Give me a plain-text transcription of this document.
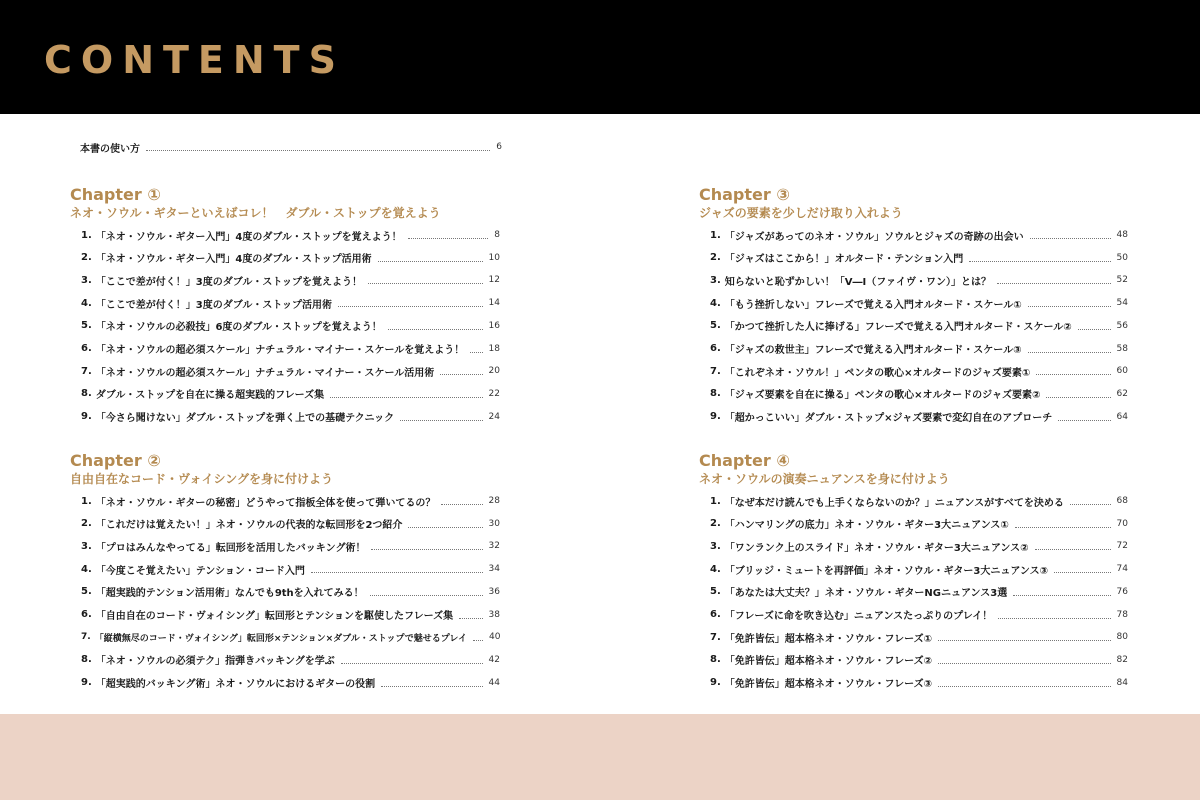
CONTENTS
本書の使い方	6
Chapter ①
ネオ・ソウル・ギターといえばコレ！　ダブル・ストップを覚えよう
1. 「ネオ・ソウル・ギター入門」4度のダブル・ストップを覚えよう！	8
2. 「ネオ・ソウル・ギター入門」4度のダブル・ストップ活用術	10
3. 「ここで差が付く！」3度のダブル・ストップを覚えよう！	12
4. 「ここで差が付く！」3度のダブル・ストップ活用術	14
5. 「ネオ・ソウルの必殺技」6度のダブル・ストップを覚えよう！	16
6. 「ネオ・ソウルの超必須スケール」ナチュラル・マイナー・スケールを覚えよう！	18
7. 「ネオ・ソウルの超必須スケール」ナチュラル・マイナー・スケール活用術	20
8. ダブル・ストップを自在に操る超実践的フレーズ集	22
9. 「今さら聞けない」ダブル・ストップを弾く上での基礎テクニック	24
Chapter ②
自由自在なコード・ヴォイシングを身に付けよう
1. 「ネオ・ソウル・ギターの秘密」どうやって指板全体を使って弾いてるの？	28
2. 「これだけは覚えたい！」ネオ・ソウルの代表的な転回形を2つ紹介	30
3. 「プロはみんなやってる」転回形を活用したバッキング術！	32
4. 「今度こそ覚えたい」テンション・コード入門	34
5. 「超実践的テンション活用術」なんでも9thを入れてみる！	36
6. 「自由自在のコード・ヴォイシング」転回形とテンションを駆使したフレーズ集	38
7. 「縦横無尽のコード・ヴォイシング」転回形×テンション×ダブル・ストップで魅せるプレイ 40
8. 「ネオ・ソウルの必須テク」指弾きバッキングを学ぶ	42
9. 「超実践的バッキング術」ネオ・ソウルにおけるギターの役割	44
Chapter ③
ジャズの要素を少しだけ取り入れよう
1. 「ジャズがあってのネオ・ソウル」ソウルとジャズの奇跡の出会い	48
2. 「ジャズはここから！」オルタード・テンション入門	50
3. 知らないと恥ずかしい！「V―I（ファイヴ・ワン）」とは？	52
4. 「もう挫折しない」フレーズで覚える入門オルタード・スケール①	54
5. 「かつて挫折した人に捧げる」フレーズで覚える入門オルタード・スケール②	56
6. 「ジャズの救世主」フレーズで覚える入門オルタード・スケール③	58
7. 「これぞネオ・ソウル！」ペンタの歌心×オルタードのジャズ要素①	60
8. 「ジャズ要素を自在に操る」ペンタの歌心×オルタードのジャズ要素②	62
9. 「超かっこいい」ダブル・ストップ×ジャズ要素で変幻自在のアプローチ	64
Chapter ④
ネオ・ソウルの演奏ニュアンスを身に付けよう
1. 「なぜ本だけ読んでも上手くならないのか？」ニュアンスがすべてを決める	68
2. 「ハンマリングの底力」ネオ・ソウル・ギター3大ニュアンス①	70
3. 「ワンランク上のスライド」ネオ・ソウル・ギター3大ニュアンス②	72
4. 「ブリッジ・ミュートを再評価」ネオ・ソウル・ギター3大ニュアンス③	74
5. 「あなたは大丈夫？」ネオ・ソウル・ギターNGニュアンス3選	76
6. 「フレーズに命を吹き込む」ニュアンスたっぷりのプレイ！	78
7. 「免許皆伝」超本格ネオ・ソウル・フレーズ①	80
8. 「免許皆伝」超本格ネオ・ソウル・フレーズ②	82
9. 「免許皆伝」超本格ネオ・ソウル・フレーズ③	84
